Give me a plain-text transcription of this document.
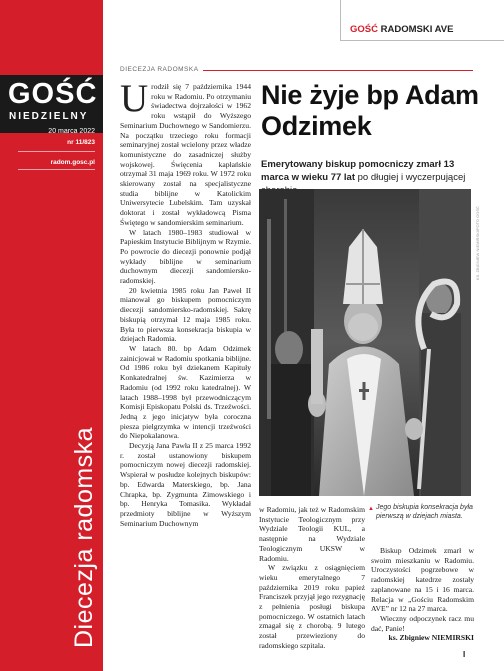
GOŚĆ
NIEDZIELNY
20 marca 2022
nr 11/823
radom.gosc.pl
Diecezja radomska
GOŚĆ RADOMSKI AVE
DIECEZJA RADOMSKA

Urodził się 7 października 1944 roku w Radomiu. Po otrzymaniu świadectwa dojrzałości w 1962 roku wstąpił do Wyższego Seminarium Duchownego w Sandomierzu. Na początku trzeciego roku formacji seminaryjnej został wcielony przez władze komunistyczne do zasadniczej służby wojskowej. Święcenia kapłańskie otrzymał 31 maja 1969 roku. W 1972 roku skierowany został na specjalistyczne studia biblijne w Katolickim Uniwersytecie Lubelskim. Tam uzyskał doktorat i został wykładowcą Pisma Świętego w sandomierskim seminarium.

W latach 1980–1983 studiował w Papieskim Instytucie Biblijnym w Rzymie. Po powrocie do diecezji ponownie podjął wykłady biblijne w seminarium duchownym diecezji sandomiersko-radomskiej.

20 kwietnia 1985 roku Jan Paweł II mianował go biskupem pomocniczym diecezji sandomiersko-radomskiej. Sakrę biskupią otrzymał 12 maja 1985 roku. Była to pierwsza konsekracja biskupia w dziejach Radomia.

W latach 80. bp Adam Odzimek zainicjował w Radomiu spotkania biblijne. Od 1986 roku był dziekanem Kapituły Konkatedralnej św. Kazimierza w Radomiu (od 1992 roku katedralnej). W latach 1988–1998 był przewodniczącym Komisji Episkopatu Polski ds. Trzeźwości. Jedną z jego inicjatyw była coroczna piesza pielgrzymka w intencji trzeźwości do Niepokalanowa.

Decyzją Jana Pawła II z 25 marca 1992 r. został ustanowiony biskupem pomocniczym nowej diecezji radomskiej. Wspierał w posłudze kolejnych biskupów: bp. Edwarda Materskiego, bp. Jana Chrapka, bp. Zygmunta Zimowskiego i bp. Henryka Tomasika. Wykładał przedmioty biblijne w Wyższym Seminarium Duchownym

Nie żyje bp Adam Odzimek
Emerytowany biskup pomocniczy zmarł 13 marca w wieku 77 lat po długiej i wyczerpującej
KS. ZBIGNIEW NIEMIRSKI/FOTO GOŚĆ

w Radomiu, jak też w Radomskim Instytucie Teologicznym przy Wydziale Teologii KUL, a następnie na Wydziale Teologicznym UKSW w Radomiu.

W związku z osiągnięciem wieku emerytalnego 7 października 2019 roku papież Franciszek przyjął jego rezygnację z pełnienia posługi biskupa pomocniczego. W ostatnich latach zmagał się z chorobą. 9 lutego został przewieziony do radomskiego szpitala.

▲ Jego biskupia konsekracja była pierwszą w dziejach miasta.

Biskup Odzimek zmarł w swoim mieszkaniu w Radomiu. Uroczystości pogrzebowe w radomskiej katedrze zostały zaplanowane na 15 i 16 marca. Relacja w „Gościu Radomskim AVE” nr 12 na 27 marca.

Wieczny odpoczynek racz mu dać, Panie!

ks. Zbigniew NIEMIRSKI
I
